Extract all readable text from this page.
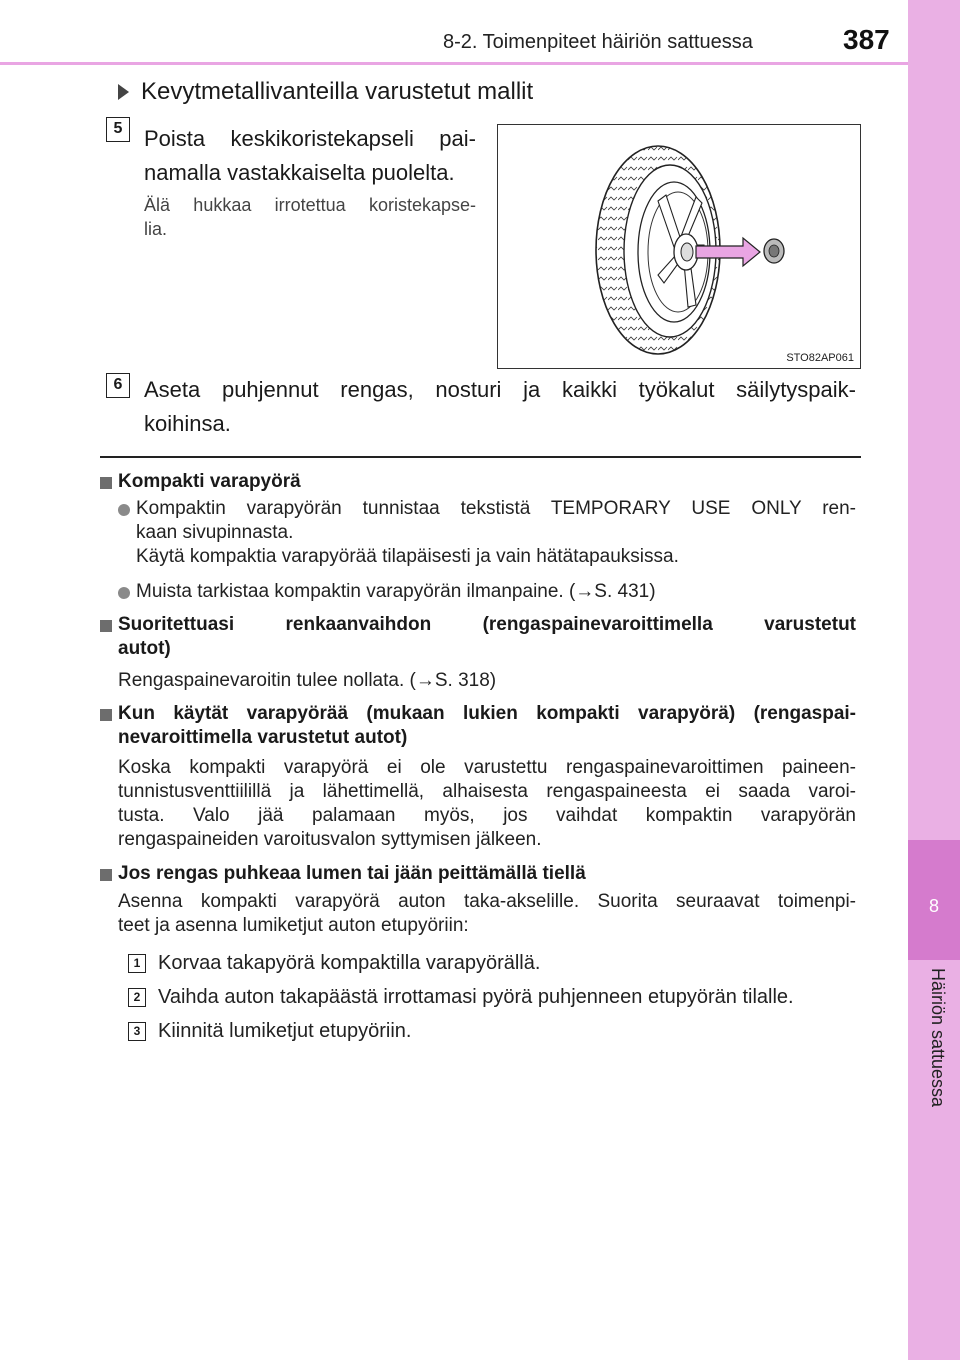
8-2. Toimenpiteet häiriön sattuessa	387
8
Häiriön sattuessa
Kevytmetallivanteilla varustetut mallit
5 Poista keskikoristekapseli pai-
namalla vastakkaiselta puolelta.
Älä hukkaa irrotettua koristekapse-
lia.
STO82AP061
6 Aseta puhjennut rengas, nosturi ja kaikki työkalut säilytyspaik-
koihinsa.
Kompakti varapyörä
Kompaktin varapyörän tunnistaa tekstistä TEMPORARY USE ONLY ren-
kaan sivupinnasta.
Käytä kompaktia varapyörää tilapäisesti ja vain hätätapauksissa.
Muista tarkistaa kompaktin varapyörän ilmanpaine. (→S. 431)
Suoritettuasi renkaanvaihdon (rengaspainevaroittimella varustetut
autot)
Rengaspainevaroitin tulee nollata. (→S. 318)
Kun käytät varapyörää (mukaan lukien kompakti varapyörä) (rengaspai-
nevaroittimella varustetut autot)
Koska kompakti varapyörä ei ole varustettu rengaspainevaroittimen paineen-
tunnistusventtiilillä ja lähettimellä, alhaisesta rengaspaineesta ei saada varoi-
tusta. Valo jää palamaan myös, jos vaihdat kompaktin varapyörän
rengaspaineiden varoitusvalon syttymisen jälkeen.
Jos rengas puhkeaa lumen tai jään peittämällä tiellä
Asenna kompakti varapyörä auton taka-akselille. Suorita seuraavat toimenpi-
teet ja asenna lumiketjut auton etupyöriin:
1 Korvaa takapyörä kompaktilla varapyörällä.
2 Vaihda auton takapäästä irrottamasi pyörä puhjenneen etupyörän tilalle.
3 Kiinnitä lumiketjut etupyöriin.
